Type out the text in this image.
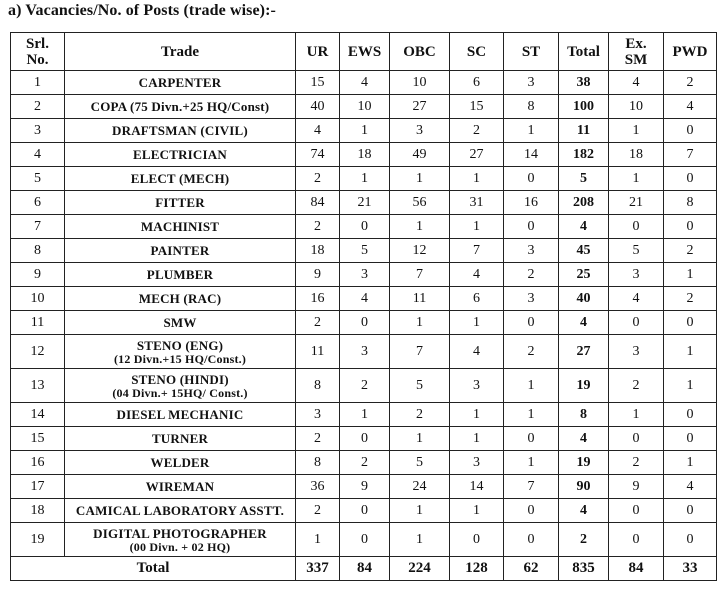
a) Vacancies/No. of Posts (trade wise):-
Srl.
No.	Trade	UR	EWS	OBC	SC	ST	Total	Ex.
SM	PWD
1	CARPENTER	15	4	10	6	3	38	4	2
2	COPA (75 Divn.+25 HQ/Const)	40	10	27	15	8	100	10	4
3	DRAFTSMAN (CIVIL)	4	1	3	2	1	11	1	0
4	ELECTRICIAN	74	18	49	27	14	182	18	7
5	ELECT (MECH)	2	1	1	1	0	5	1	0
6	FITTER	84	21	56	31	16	208	21	8
7	MACHINIST	2	0	1	1	0	4	0	0
8	PAINTER	18	5	12	7	3	45	5	2
9	PLUMBER	9	3	7	4	2	25	3	1
10	MECH (RAC)	16	4	11	6	3	40	4	2
11	SMW	2	0	1	1	0	4	0	0
12	STENO (ENG)
(12 Divn.+15 HQ/Const.)	11	3	7	4	2	27	3	1
13	STENO (HINDI)
(04 Divn.+ 15HQ/ Const.)	8	2	5	3	1	19	2	1
14	DIESEL MECHANIC	3	1	2	1	1	8	1	0
15	TURNER	2	0	1	1	0	4	0	0
16	WELDER	8	2	5	3	1	19	2	1
17	WIREMAN	36	9	24	14	7	90	9	4
18	CAMICAL LABORATORY ASSTT.	2	0	1	1	0	4	0	0
19	DIGITAL PHOTOGRAPHER
(00 Divn. + 02 HQ)	1	0	1	0	0	2	0	0
Total		337	84	224	128	62	835	84	33
